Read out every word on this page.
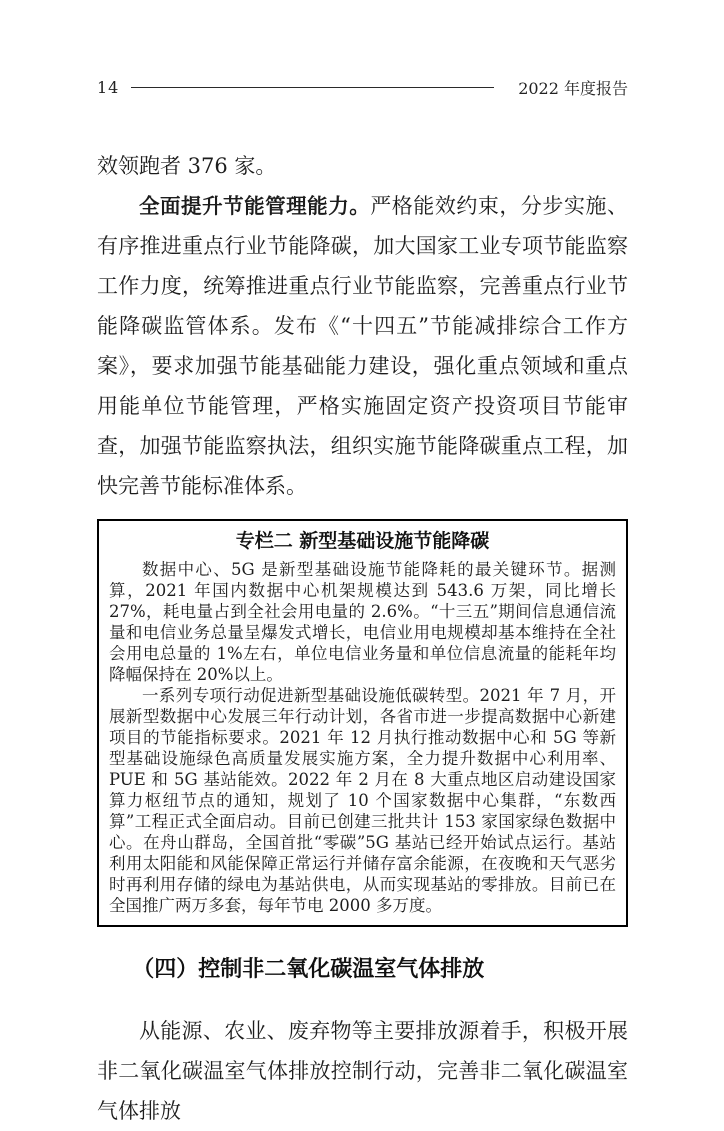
14	2022 年度报告

效领跑者 376 家。

全面提升节能管理能力。严格能效约束，分步实施、有序推进重点行业节能降碳，加大国家工业专项节能监察工作力度，统筹推进重点行业节能监察，完善重点行业节能降碳监管体系。发布《“十四五”节能减排综合工作方案》，要求加强节能基础能力建设，强化重点领域和重点用能单位节能管理，严格实施固定资产投资项目节能审查，加强节能监察执法，组织实施节能降碳重点工程，加快完善节能标准体系。

专栏二 新型基础设施节能降碳

数据中心、5G 是新型基础设施节能降耗的最关键环节。据测算，2021 年国内数据中心机架规模达到 543.6 万架，同比增长 27%，耗电量占到全社会用电量的 2.6%。“十三五”期间信息通信流量和电信业务总量呈爆发式增长，电信业用电规模却基本维持在全社会用电总量的 1%左右，单位电信业务量和单位信息流量的能耗年均降幅保持在 20%以上。

一系列专项行动促进新型基础设施低碳转型。2021 年 7 月，开展新型数据中心发展三年行动计划，各省市进一步提高数据中心新建项目的节能指标要求。2021 年 12 月执行推动数据中心和 5G 等新型基础设施绿色高质量发展实施方案，全力提升数据中心利用率、PUE 和 5G 基站能效。2022 年 2 月在 8 大重点地区启动建设国家算力枢纽节点的通知，规划了 10 个国家数据中心集群，“东数西算”工程正式全面启动。目前已创建三批共计 153 家国家绿色数据中心。在舟山群岛，全国首批“零碳”5G 基站已经开始试点运行。基站利用太阳能和风能保障正常运行并储存富余能源，在夜晚和天气恶劣时再利用存储的绿电为基站供电，从而实现基站的零排放。目前已在全国推广两万多套，每年节电 2000 多万度。

（四）控制非二氧化碳温室气体排放

从能源、农业、废弃物等主要排放源着手，积极开展非二氧化碳温室气体排放控制行动，完善非二氧化碳温室气体排放
